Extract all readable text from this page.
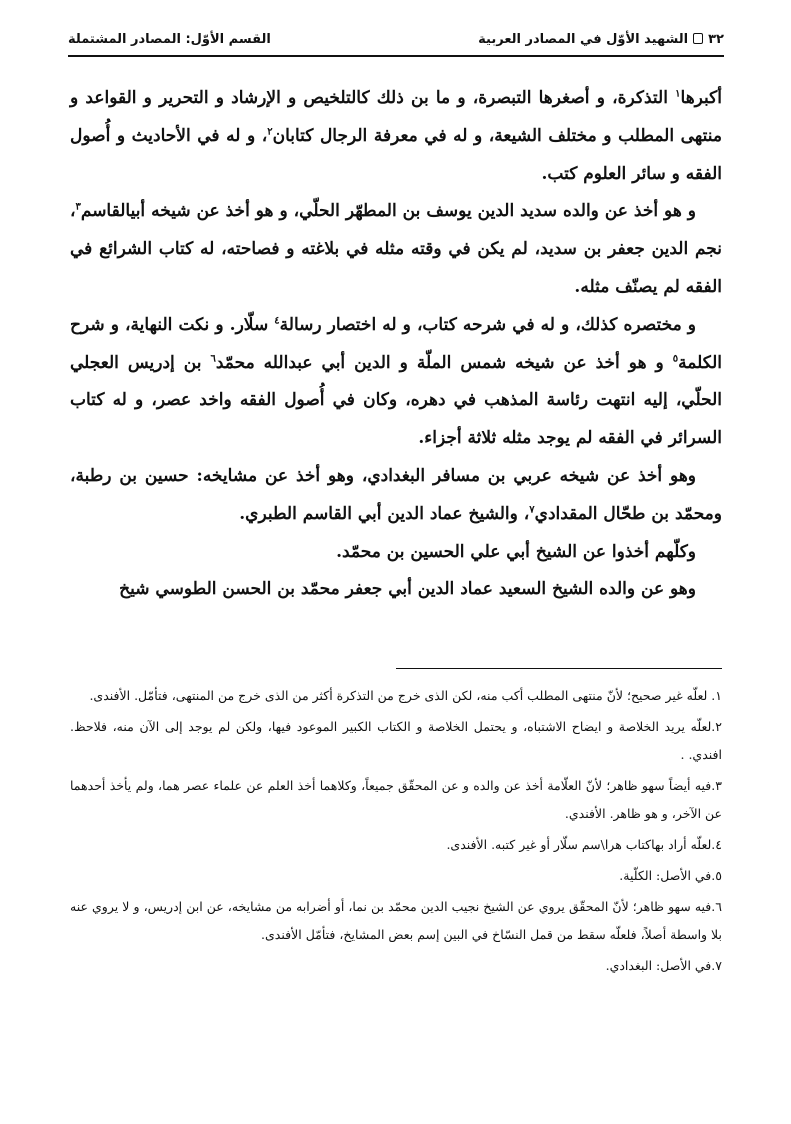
القسم الأوّل: المصادر المشتملة	٣٢الشهيد الأوّل في المصادر العربية

أكبرها$^١$ التذكرة، و أصغرها التبصرة، و ما بن ذلك كالتلخيص و الإرشاد و التحرير و القواعد و منتهى المطلب و مختلف الشيعة، و له في معرفة الرجال كتابان$^٢$، و له في الأحاديث و أُصول الفقه و سائر العلوم كتب.

و هو أخذ عن والده سديد الدين يوسف بن المطهّر الحلّي، و هو أخذ عن شيخه أبيالقاسم$^٣$، نجم الدين جعفر بن سديد، لم يكن في وقته مثله في بلاغته و فصاحته، له كتاب الشرائع في الفقه لم يصنّف مثله.

و مختصره كذلك، و له في شرحه كتاب، و له اختصار رسالة$^٤$ سلّار. و نكت النهاية، و شرح الكلمة$^٥$ و هو أخذ عن شيخه شمس الملّة و الدين أبي عبدالله محمّد$^٦$ بن إدريس العجلي الحلّي، إليه انتهت رئاسة المذهب في دهره، وكان في أُصول الفقه واخد عصر، و له كتاب السرائر في الفقه لم يوجد مثله ثلاثة أجزاء.

وهو أخذ عن شيخه عربي بن مسافر البغدادي، وهو أخذ عن مشايخه: حسين بن رطبة، ومحمّد بن طحّال المقدادي$^٧$، والشيخ عماد الدين أبي القاسم الطبري.

وكلّهم أخذوا عن الشيخ أبي علي الحسين بن محمّد.

وهو عن والده الشيخ السعيد عماد الدين أبي جعفر محمّد بن الحسن الطوسي شيخ

١. لعلّه غير صحيح؛ لأنّ منتهى المطلب أكب منه، لكن الذى خرج من التذكرة أكثر من الذى خرج من المنتهى، فتأمّل. الأفندى.

٢.لعلّه يريد الخلاصة و ايضاح الاشتباه، و يحتمل الخلاصة و الكتاب الكبير الموعود فيها، ولكن لم يوجد إلى الآن منه، فلاحظ. افندي. .

٣.فيه أيضاً سهو ظاهر؛ لأنّ العلّامة أخذ عن والده و عن المحقّق جميعاً، وكلاهما أخذ العلم عن علماء عصر هما، ولم يأخذ أحدهما عن الآخر، و هو ظاهر. الأفندي.

٤.لعلّه أراد بهاكتاب هرا\سم سلّار أو غير كتبه. الأفندى.

٥.في الأصل: الكلّية.

٦.فيه سهو ظاهر؛ لأنّ المحقّق يروي عن الشيخ نجيب الدين محمّد بن نما، أو أضرابه من مشايخه، عن ابن إدريس، و لا يروي عنه بلا واسطة أصلاً، فلعلّه سقط من قمل النسّاخ في البين إسم بعض المشايخ، فتأمّل الأفندى.

٧.في الأصل: البغدادي.
